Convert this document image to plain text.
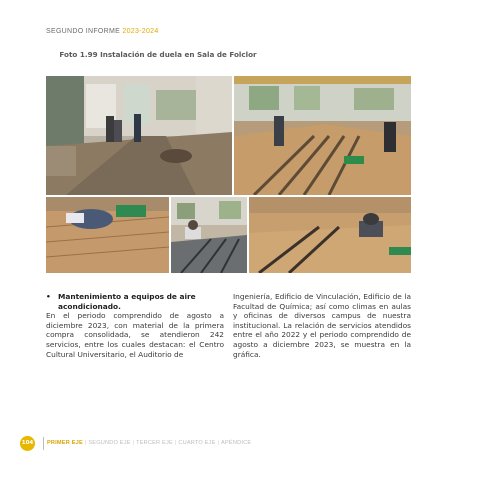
SEGUNDO INFORME 2023-2024
Foto 1.99 Instalación de duela en Sala de Folclor
• Mantenimiento a equipos de aire
acondicionado.
En el periodo comprendido de agosto a diciembre 2023, con material de la primera compra consolidada, se atendieron 242 servicios, entre los cuales destacan: el Centro Cultural Universitario, el Auditorio de
Ingeniería, Edificio de Vinculación, Edificio de la Facultad de Química; así como climas en aulas y oficinas de diversos campus de nuestra institucional. La relación de servicios atendidos entre el año 2022 y el periodo comprendido de agosto a diciembre 2023, se muestra en la gráfica.
104 PRIMER EJE | SEGUNDO EJE | TERCER EJE | CUARTO EJE | APÉNDICE
